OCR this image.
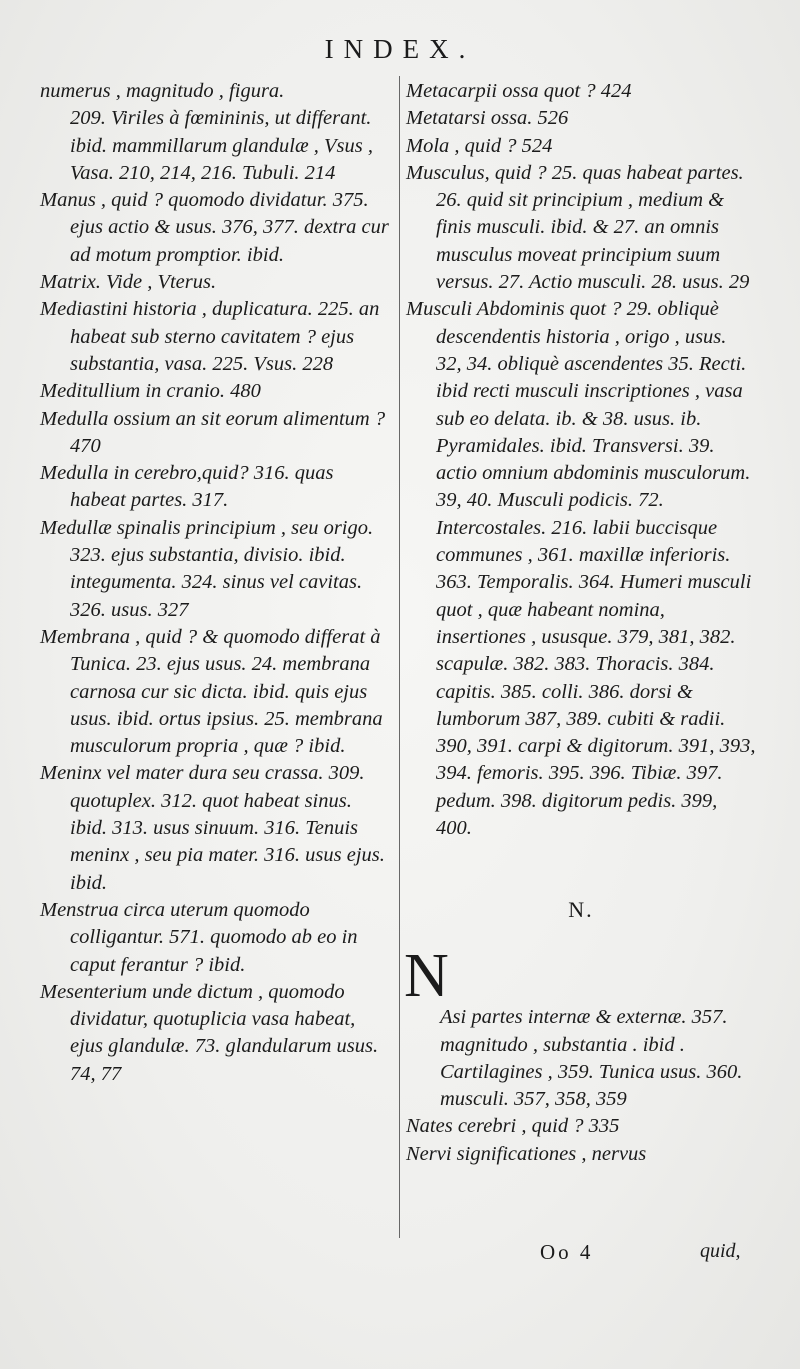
INDEX.
numerus , magnitudo , figura.
209. Viriles à fœmininis, ut differant. ibid. mammillarum glandulæ , Vsus , Vasa. 210, 214, 216. Tubuli. 214
Manus , quid ? quomodo dividatur. 375. ejus actio & usus. 376, 377. dextra cur ad motum promptior. ibid.
Matrix. Vide , Vterus.
Mediastini historia , duplicatura. 225. an habeat sub sterno cavitatem ? ejus substantia, vasa. 225. Vsus. 228
Meditullium in cranio. 480
Medulla ossium an sit eorum alimentum ? 470
Medulla in cerebro,quid? 316. quas habeat partes. 317.
Medullæ spinalis principium , seu origo. 323. ejus substantia, divisio. ibid. integumenta. 324. sinus vel cavitas. 326. usus. 327
Membrana , quid ? & quomodo differat à Tunica. 23. ejus usus. 24. membrana carnosa cur sic dicta. ibid. quis ejus usus. ibid. ortus ipsius. 25. membrana musculorum propria , quæ ? ibid.
Meninx vel mater dura seu crassa. 309. quotuplex. 312. quot habeat sinus. ibid. 313. usus sinuum. 316. Tenuis meninx , seu pia mater. 316. usus ejus. ibid.
Menstrua circa uterum quomodo colligantur. 571. quomodo ab eo in caput ferantur ? ibid.
Mesenterium unde dictum , quomodo dividatur, quotuplicia vasa habeat, ejus glandulæ. 73. glandularum usus. 74, 77
Metacarpii ossa quot ? 424
Metatarsi ossa. 526
Mola , quid ? 524
Musculus, quid ? 25. quas habeat partes. 26. quid sit principium , medium & finis musculi. ibid. & 27. an omnis musculus moveat principium suum versus. 27. Actio musculi. 28. usus. 29
Musculi Abdominis quot ? 29. obliquè descendentis historia , origo , usus. 32, 34. obliquè ascendentes 35. Recti. ibid recti musculi inscriptiones , vasa sub eo delata. ib. & 38. usus. ib. Pyramidales. ibid. Transversi. 39. actio omnium abdominis musculorum. 39, 40. Musculi podicis. 72. Intercostales. 216. labii buccisque communes , 361. maxillæ inferioris. 363. Temporalis. 364. Humeri musculi quot , quæ habeant nomina, insertiones , ususque. 379, 381, 382. scapulæ. 382. 383. Thoracis. 384. capitis. 385. colli. 386. dorsi & lumborum 387, 389. cubiti & radii. 390, 391. carpi & digitorum. 391, 393, 394. femoris. 395. 396. Tibiæ. 397. pedum. 398. digitorum pedis. 399, 400.
N.

N

Asi partes internæ & externæ. 357. magnitudo , substantia . ibid . Cartilagines , 359. Tunica usus. 360. musculi. 357, 358, 359

Nates cerebri , quid ? 335
Nervi significationes , nervus
Oo 4	quid,
